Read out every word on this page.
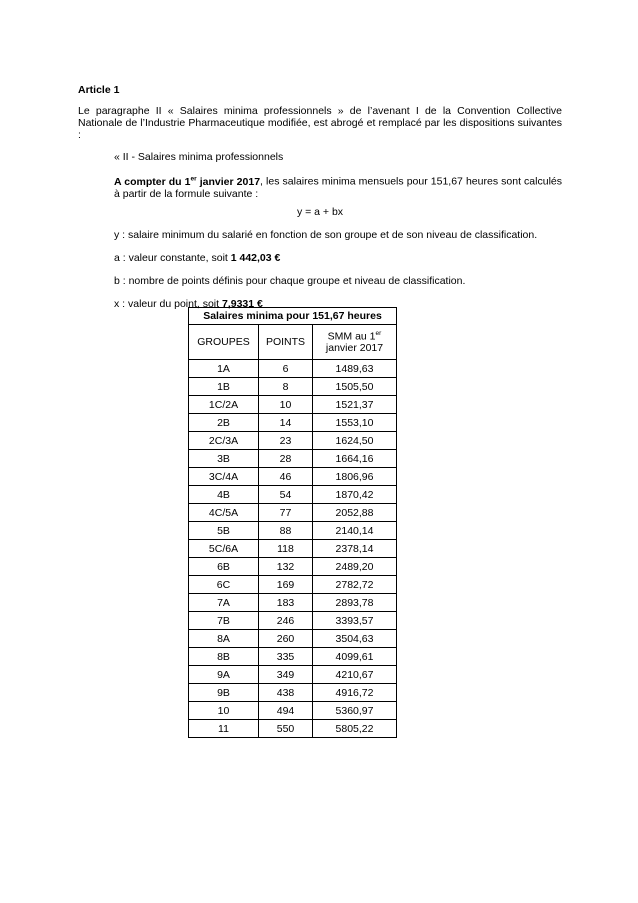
Article 1

Le paragraphe II « Salaires minima professionnels » de l’avenant I de la Convention Collective Nationale de l’Industrie Pharmaceutique modifiée, est abrogé et remplacé par les dispositions suivantes :

« II - Salaires minima professionnels

A compter du 1er janvier 2017, les salaires minima mensuels pour 151,67 heures sont calculés à partir de la formule suivante :

y = a + bx

y : salaire minimum du salarié en fonction de son groupe et de son niveau de classification.

a : valeur constante, soit 1 442,03 €

b : nombre de points définis pour chaque groupe et niveau de classification.

x : valeur du point, soit 7,9331 €

Salaires minima pour 151,67 heures		
GROUPES	POINTS	SMM au 1er
janvier 2017
1A	6	1489,63
1B	8	1505,50
1C/2A	10	1521,37
2B	14	1553,10
2C/3A	23	1624,50
3B	28	1664,16
3C/4A	46	1806,96
4B	54	1870,42
4C/5A	77	2052,88
5B	88	2140,14
5C/6A	118	2378,14
6B	132	2489,20
6C	169	2782,72
7A	183	2893,78
7B	246	3393,57
8A	260	3504,63
8B	335	4099,61
9A	349	4210,67
9B	438	4916,72
10	494	5360,97
11	550	5805,22
